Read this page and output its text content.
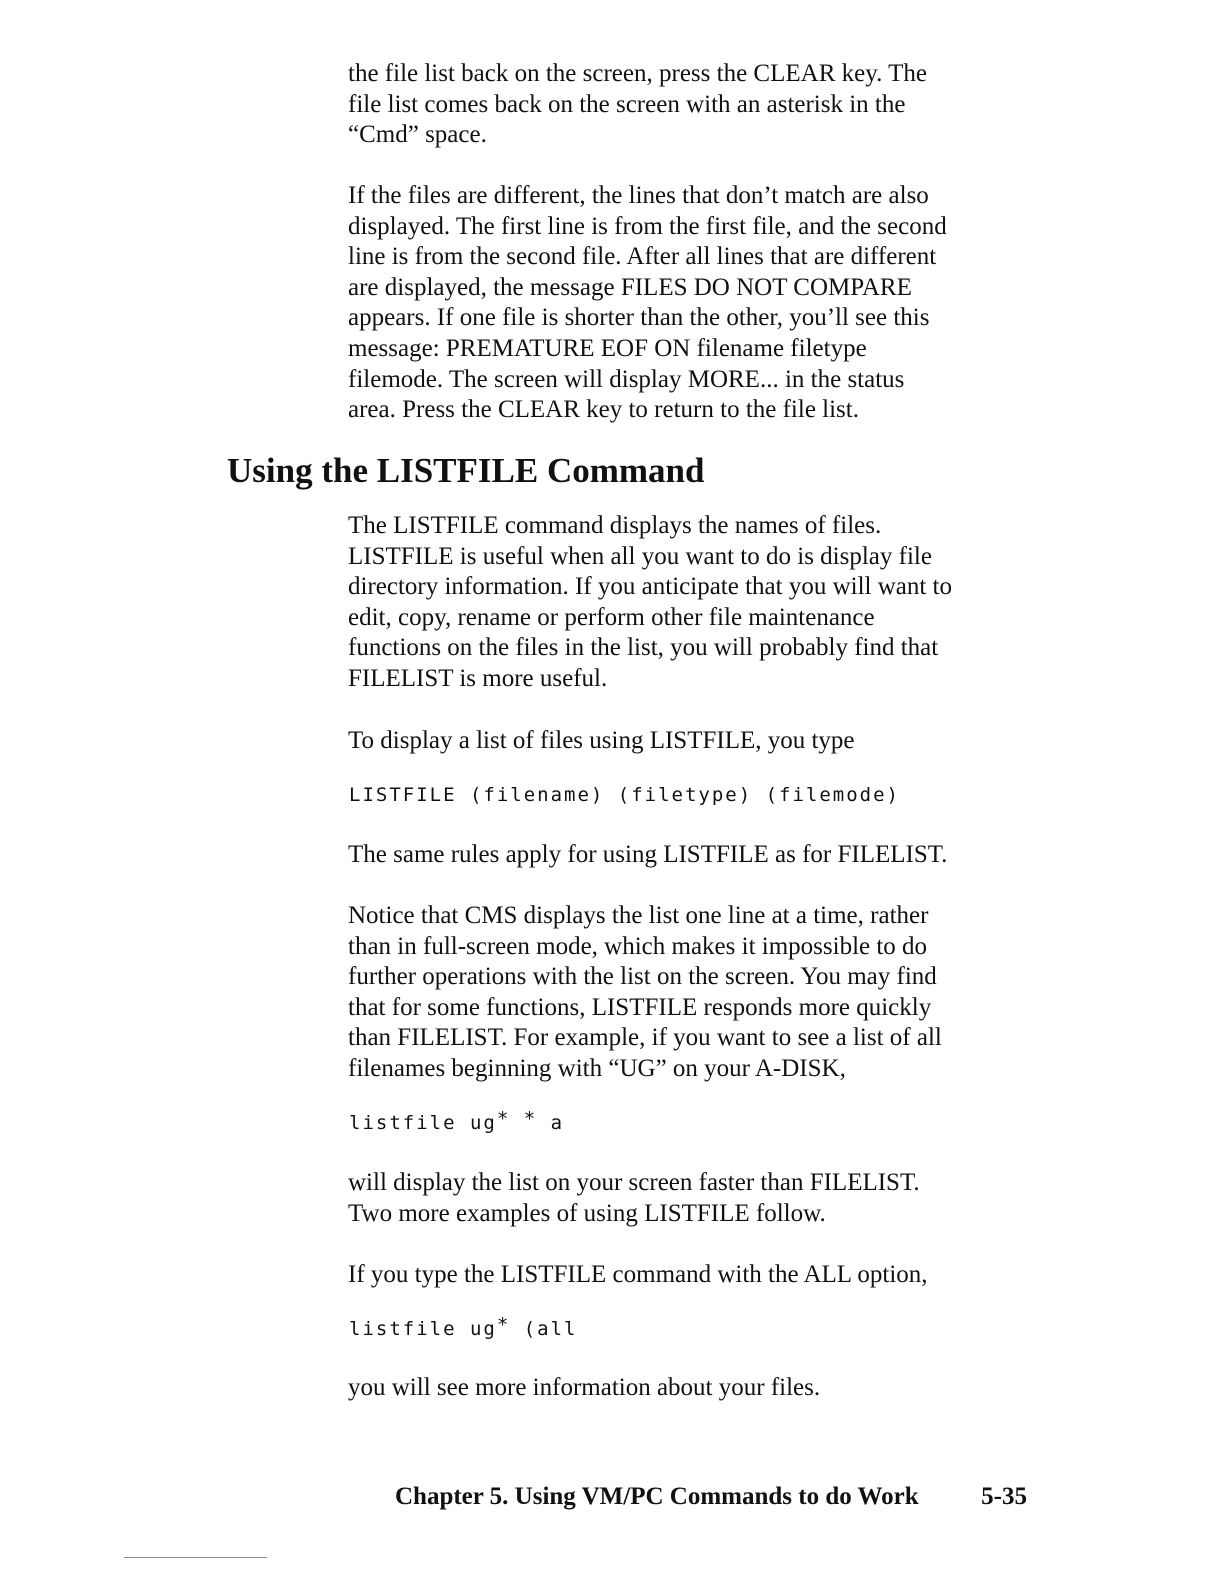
the file list back on the screen, press the CLEAR key. The
file list comes back on the screen with an asterisk in the
“Cmd” space.

If the files are different, the lines that don’t match are also
displayed. The first line is from the first file, and the second
line is from the second file. After all lines that are different
are displayed, the message FILES DO NOT COMPARE
appears. If one file is shorter than the other, you’ll see this
message: PREMATURE EOF ON filename filetype
filemode. The screen will display MORE... in the status
area. Press the CLEAR key to return to the file list.

Using the LISTFILE Command

The LISTFILE command displays the names of files.
LISTFILE is useful when all you want to do is display file
directory information. If you anticipate that you will want to
edit, copy, rename or perform other file maintenance
functions on the files in the list, you will probably find that
FILELIST is more useful.

To display a list of files using LISTFILE, you type

LISTFILE (filename) (filetype) (filemode)

The same rules apply for using LISTFILE as for FILELIST.

Notice that CMS displays the list one line at a time, rather
than in full-screen mode, which makes it impossible to do
further operations with the list on the screen. You may find
that for some functions, LISTFILE responds more quickly
than FILELIST. For example, if you want to see a list of all
filenames beginning with “UG” on your A-DISK,

listfile ug* * a

will display the list on your screen faster than FILELIST.
Two more examples of using LISTFILE follow.

If you type the LISTFILE command with the ALL option,

listfile ug* (all

you will see more information about your files.

Chapter 5. Using VM/PC Commands to do Work	5-35
